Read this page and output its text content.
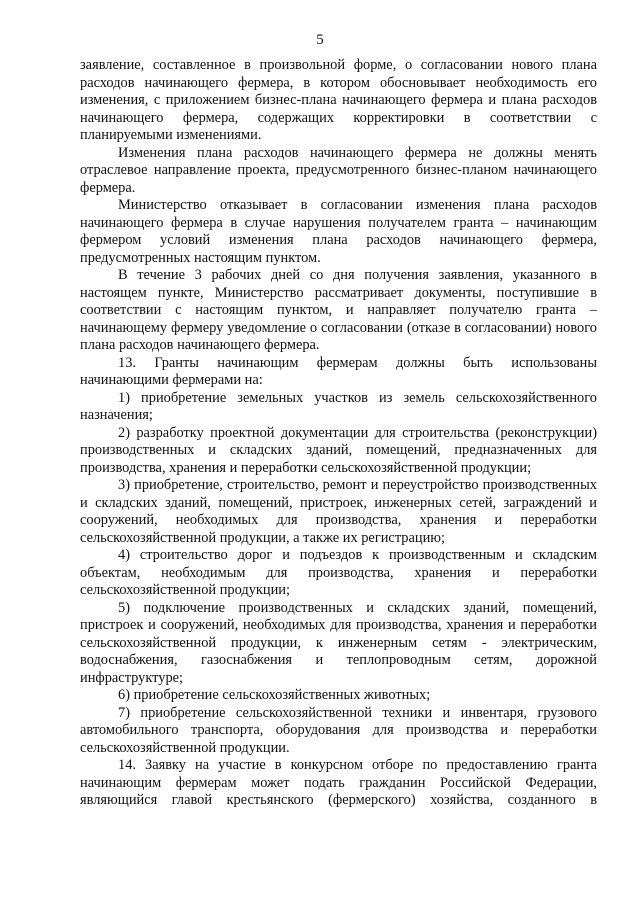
5

заявление, составленное в произвольной форме, о согласовании нового плана расходов начинающего фермера, в котором обосновывает необходимость его изменения, с приложением бизнес-плана начинающего фермера и плана расходов начинающего фермера, содержащих корректировки в соответствии с планируемыми изменениями.

Изменения плана расходов начинающего фермера не должны менять отраслевое направление проекта, предусмотренного бизнес-планом начинающего фермера.

Министерство отказывает в согласовании изменения плана расходов начинающего фермера в случае нарушения получателем гранта – начинающим фермером условий изменения плана расходов начинающего фермера, предусмотренных настоящим пунктом.

В течение 3 рабочих дней со дня получения заявления, указанного в настоящем пункте, Министерство рассматривает документы, поступившие в соответствии с настоящим пунктом, и направляет получателю гранта – начинающему фермеру уведомление о согласовании (отказе в согласовании) нового плана расходов начинающего фермера.

13. Гранты начинающим фермерам должны быть использованы начинающими фермерами на:

1) приобретение земельных участков из земель сельскохозяйственного назначения;

2) разработку проектной документации для строительства (реконструкции) производственных и складских зданий, помещений, предназначенных для производства, хранения и переработки сельскохозяйственной продукции;

3) приобретение, строительство, ремонт и переустройство производственных и складских зданий, помещений, пристроек, инженерных сетей, заграждений и сооружений, необходимых для производства, хранения и переработки сельскохозяйственной продукции, а также их регистрацию;

4) строительство дорог и подъездов к производственным и складским объектам, необходимым для производства, хранения и переработки сельскохозяйственной продукции;

5) подключение производственных и складских зданий, помещений, пристроек и сооружений, необходимых для производства, хранения и переработки сельскохозяйственной продукции, к инженерным сетям - электрическим, водоснабжения, газоснабжения и теплопроводным сетям, дорожной инфраструктуре;

6) приобретение сельскохозяйственных животных;

7) приобретение сельскохозяйственной техники и инвентаря, грузового автомобильного транспорта, оборудования для производства и переработки сельскохозяйственной продукции.

14. Заявку на участие в конкурсном отборе по предоставлению гранта начинающим фермерам может подать гражданин Российской Федерации, являющийся главой крестьянского (фермерского) хозяйства, созданного в
